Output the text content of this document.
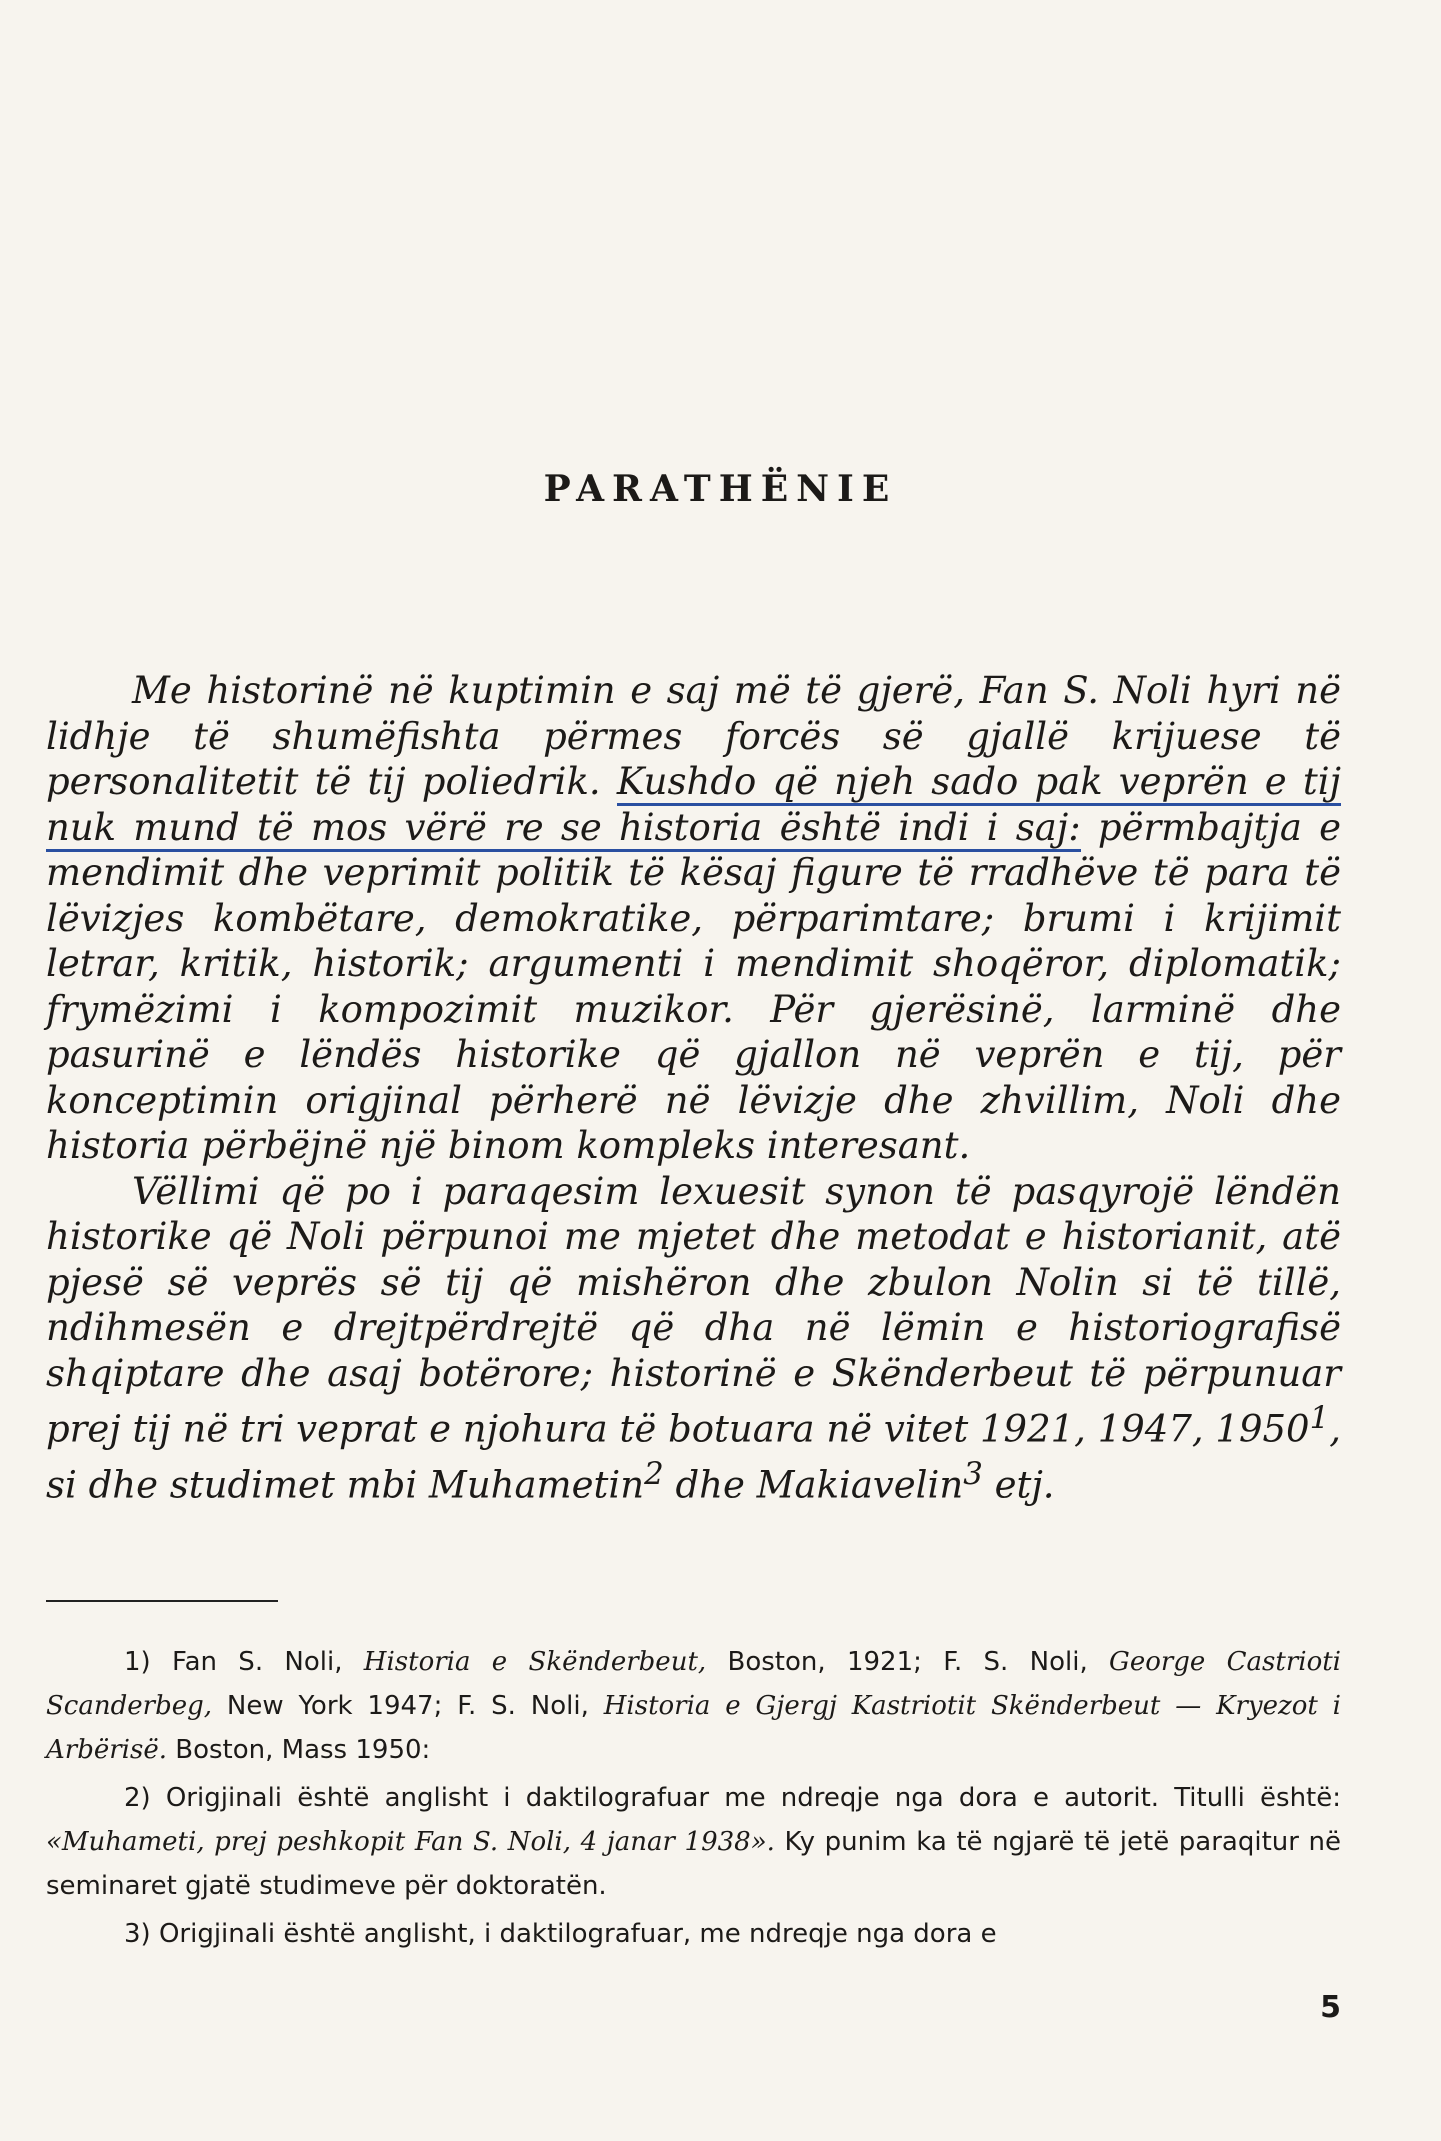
PARATHËNIE

Me historinë në kuptimin e saj më të gjerë, Fan S. Noli hyri në lidhje të shumëfishta përmes forcës së gjallë krijuese të personalitetit të tij poliedrik. Kushdo që njeh sado pak veprën e tij nuk mund të mos vërë re se historia është indi i saj: përmbajtja e mendimit dhe veprimit politik të kësaj figure të rradhëve të para të lëvizjes kombëtare, demokratike, përparimtare; brumi i krijimit letrar, kritik, historik; argumenti i mendimit shoqëror, diplomatik; frymëzimi i kompozimit muzikor. Për gjerësinë, larminë dhe pasurinë e lëndës historike që gjallon në veprën e tij, për konceptimin origjinal përherë në lëvizje dhe zhvillim, Noli dhe historia përbëjnë një binom kompleks interesant.

Vëllimi që po i paraqesim lexuesit synon të pasqyrojë lëndën historike që Noli përpunoi me mjetet dhe metodat e historianit, atë pjesë së veprës së tij që mishëron dhe zbulon Nolin si të tillë, ndihmesën e drejtpërdrejtë që dha në lëmin e historiografisë shqiptare dhe asaj botërore; historinë e Skënderbeut të përpunuar prej tij në tri veprat e njohura të botuara në vitet 1921, 1947, 1950$^1$, si dhe studimet mbi Muhametin$^2$ dhe Makiavelin$^3$ etj.

1) Fan S. Noli, Historia e Skënderbeut, Boston, 1921; F. S. Noli, George Castrioti Scanderbeg, New York 1947; F. S. Noli, Historia e Gjergj Kastriotit Skënderbeut — Kryezot i Arbërisë. Boston, Mass 1950:

2) Origjinali është anglisht i daktilografuar me ndreqje nga dora e autorit. Titulli është: «Muhameti, prej peshkopit Fan S. Noli, 4 janar 1938». Ky punim ka të ngjarë të jetë paraqitur në seminaret gjatë studimeve për doktoratën.

3) Origjinali është anglisht, i daktilografuar, me ndreqje nga dora e

5
